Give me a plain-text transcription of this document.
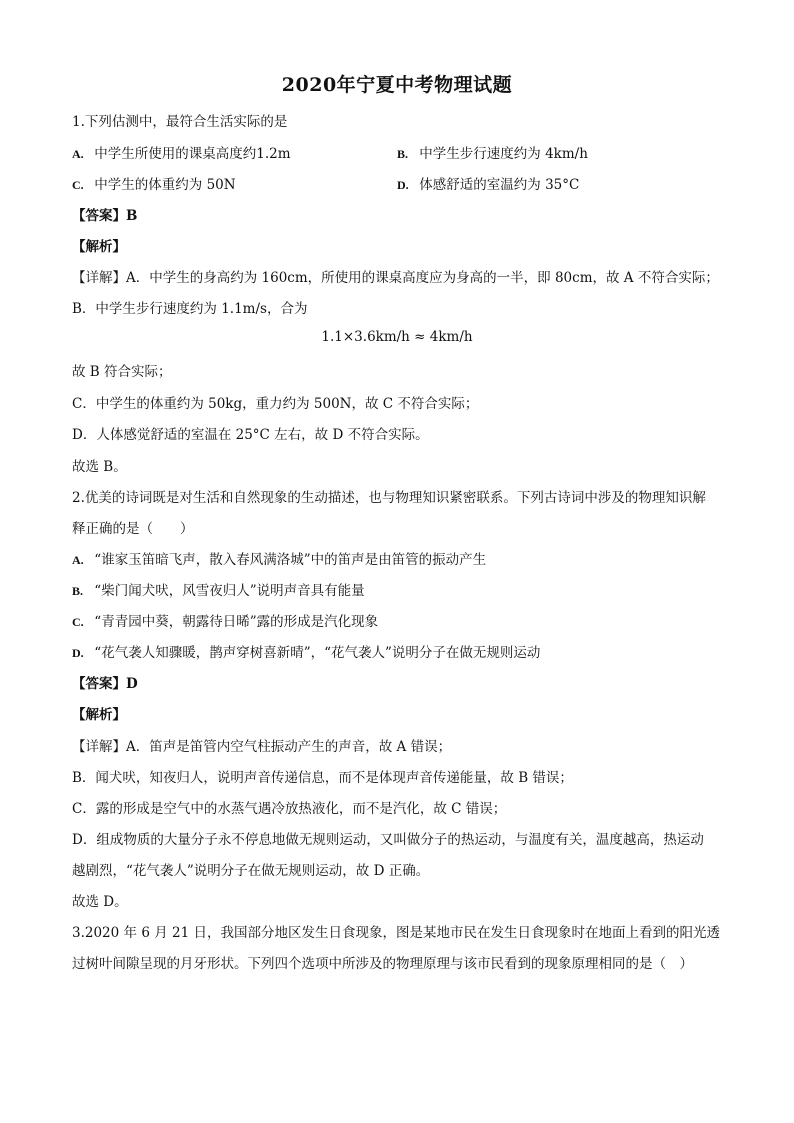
2020年宁夏中考物理试题
1.下列估测中，最符合生活实际的是
A. 中学生所使用的课桌高度约1.2m	B. 中学生步行速度约为 4km/h
C. 中学生的体重约为 50N	D. 体感舒适的室温约为 35°C
【答案】B
【解析】
【详解】A．中学生的身高约为 160cm，所使用的课桌高度应为身高的一半，即 80cm，故 A 不符合实际；
B．中学生步行速度约为 1.1m/s，合为
1.1×3.6km/h ≈ 4km/h
故 B 符合实际；
C．中学生的体重约为 50kg，重力约为 500N，故 C 不符合实际；
D．人体感觉舒适的室温在 25°C 左右，故 D 不符合实际。
故选 B。
2.优美的诗词既是对生活和自然现象的生动描述，也与物理知识紧密联系。下列古诗词中涉及的物理知识解
释正确的是（　　）
A. “谁家玉笛暗飞声，散入春风满洛城”中的笛声是由笛管的振动产生
B. “柴门闻犬吠，风雪夜归人”说明声音具有能量
C. “青青园中葵，朝露待日晞”露的形成是汽化现象
D. “花气袭人知骤暖，鹊声穿树喜新晴”，“花气袭人”说明分子在做无规则运动
【答案】D
【解析】
【详解】A．笛声是笛管内空气柱振动产生的声音，故 A 错误；
B．闻犬吠，知夜归人，说明声音传递信息，而不是体现声音传递能量，故 B 错误；
C．露的形成是空气中的水蒸气遇冷放热液化，而不是汽化，故 C 错误；
D．组成物质的大量分子永不停息地做无规则运动，又叫做分子的热运动，与温度有关，温度越高，热运动
越剧烈，“花气袭人”说明分子在做无规则运动，故 D 正确。
故选 D。
3.2020 年 6 月 21 日，我国部分地区发生日食现象，图是某地市民在发生日食现象时在地面上看到的阳光透
过树叶间隙呈现的月牙形状。下列四个选项中所涉及的物理原理与该市民看到的现象原理相同的是（　）
